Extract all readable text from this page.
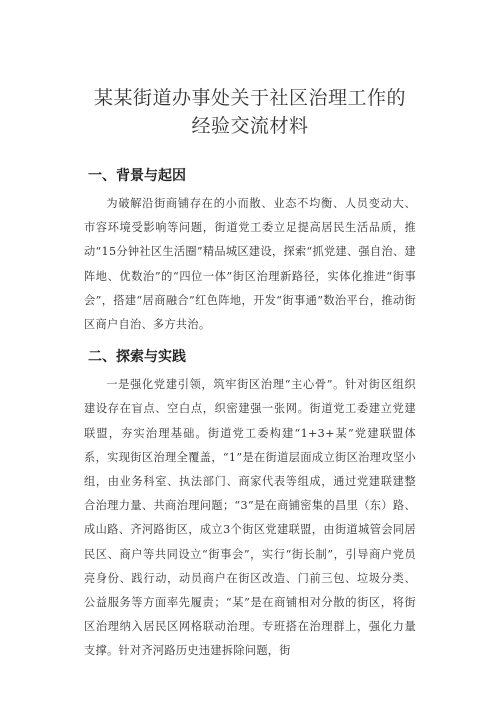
某某街道办事处关于社区治理工作的
经验交流材料
一、背景与起因

为破解沿街商铺存在的小而散、业态不均衡、人员变动大、市容环境受影响等问题，街道党工委立足提高居民生活品质，推动“15分钟社区生活圈”精品城区建设，探索“抓党建、强自治、建阵地、优数治”的“四位一体”街区治理新路径，实体化推进“街事会”，搭建“居商融合”红色阵地，开发“街事通”数治平台，推动街区商户自治、多方共治。

二、探索与实践

一是强化党建引领，筑牢街区治理“主心骨”。针对街区组织建设存在盲点、空白点，织密建强一张网。街道党工委建立党建联盟，夯实治理基础。街道党工委构建“1+3+某”党建联盟体系，实现街区治理全覆盖，“1”是在街道层面成立街区治理攻坚小组，由业务科室、执法部门、商家代表等组成，通过党建联建整合治理力量、共商治理问题；“3”是在商铺密集的昌里（东）路、成山路、齐河路街区，成立3个街区党建联盟，由街道城管会同居民区、商户等共同设立“街事会”，实行“街长制”，引导商户党员亮身份、践行动，动员商户在街区改造、门前三包、垃圾分类、公益服务等方面率先履责；“某”是在商铺相对分散的街区，将街区治理纳入居民区网格联动治理。专班搭在治理群上，强化力量支撑。针对齐河路历史违建拆除问题，街
